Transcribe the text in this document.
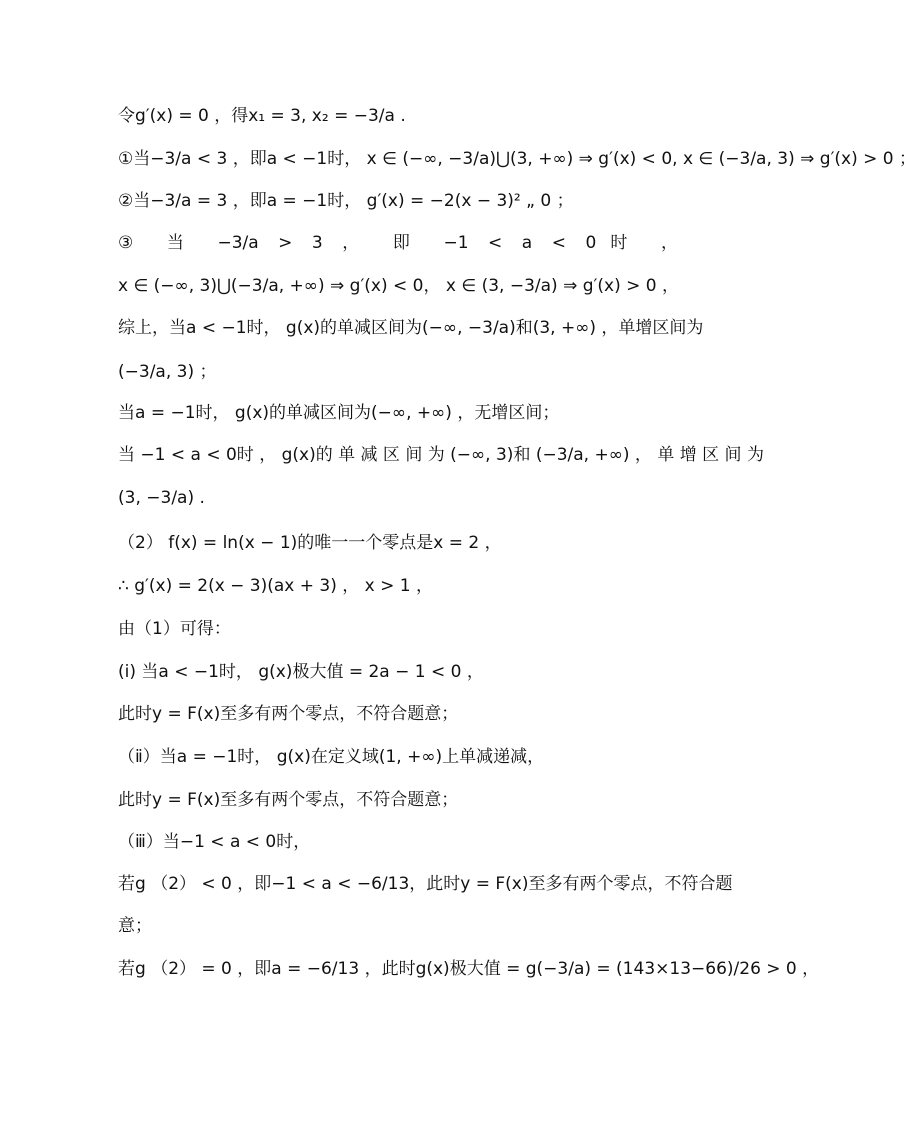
令g′(x) = 0 ，得x₁ = 3, x₂ = −3/a .
①当−3/a < 3 ，即a < −1时， x ∈ (−∞, −3/a)⋃(3, +∞) ⇒ g′(x) < 0, x ∈ (−3/a, 3) ⇒ g′(x) > 0 ；
②当−3/a = 3 ，即a = −1时， g′(x) = −2(x − 3)² „ 0 ；
③ 当 −3/a > 3 ， 即 −1 < a < 0时 ，
x ∈ (−∞, 3)⋃(−3/a, +∞) ⇒ g′(x) < 0， x ∈ (3, −3/a) ⇒ g′(x) > 0 ，
综上，当a < −1时， g(x)的单减区间为(−∞, −3/a)和(3, +∞) ，单增区间为
(−3/a, 3) ；
当a = −1时， g(x)的单减区间为(−∞, +∞) ，无增区间；
当 −1 < a < 0时 ， g(x)的 单 减 区 间 为 (−∞, 3)和 (−3/a, +∞) ， 单 增 区 间 为
(3, −3/a) .
（2） f(x) = ln(x − 1)的唯一一个零点是x = 2 ，
∴ g′(x) = 2(x − 3)(ax + 3) ， x > 1 ，
由（1）可得：
(i) 当a < −1时， g(x)极大值 = 2a − 1 < 0 ，
此时y = F(x)至多有两个零点，不符合题意；
（ⅱ）当a = −1时， g(x)在定义域(1, +∞)上单减递减，
此时y = F(x)至多有两个零点，不符合题意；
（ⅲ）当−1 < a < 0时，
若g （2） < 0 ，即−1 < a < −6/13，此时y = F(x)至多有两个零点，不符合题
意；
若g （2） = 0 ，即a = −6/13 ，此时g(x)极大值 = g(−3/a) = (143×13−66)/26 > 0 ，
